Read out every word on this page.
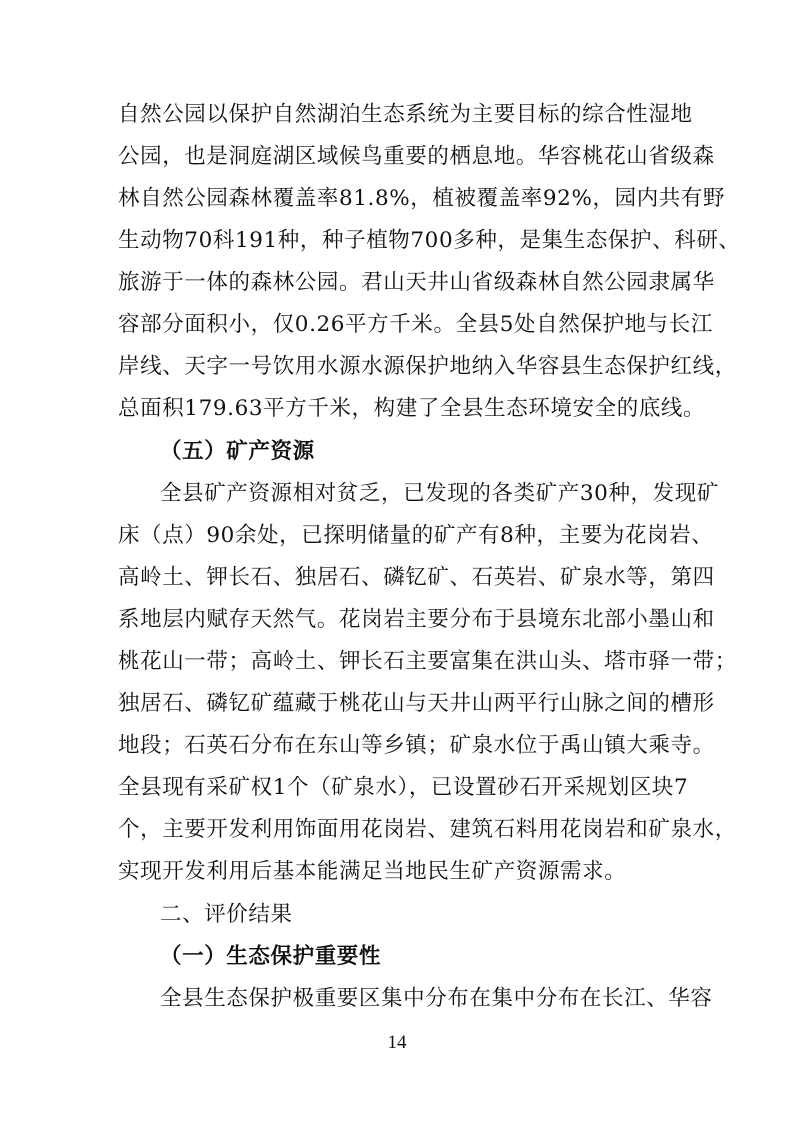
自然公园以保护自然湖泊生态系统为主要目标的综合性湿地
公园，也是洞庭湖区域候鸟重要的栖息地。华容桃花山省级森
林自然公园森林覆盖率81.8%，植被覆盖率92%，园内共有野
生动物70科191种，种子植物700多种，是集生态保护、科研、
旅游于一体的森林公园。君山天井山省级森林自然公园隶属华
容部分面积小，仅0.26平方千米。全县5处自然保护地与长江
岸线、天字一号饮用水源水源保护地纳入华容县生态保护红线，
总面积179.63平方千米，构建了全县生态环境安全的底线。
（五）矿产资源
全县矿产资源相对贫乏，已发现的各类矿产30种，发现矿
床（点）90余处，已探明储量的矿产有8种，主要为花岗岩、
高岭土、钾长石、独居石、磷钇矿、石英岩、矿泉水等，第四
系地层内赋存天然气。花岗岩主要分布于县境东北部小墨山和
桃花山一带；高岭土、钾长石主要富集在洪山头、塔市驿一带；
独居石、磷钇矿蕴藏于桃花山与天井山两平行山脉之间的槽形
地段；石英石分布在东山等乡镇；矿泉水位于禹山镇大乘寺。
全县现有采矿权1个（矿泉水），已设置砂石开采规划区块7
个，主要开发利用饰面用花岗岩、建筑石料用花岗岩和矿泉水，
实现开发利用后基本能满足当地民生矿产资源需求。
二、评价结果
（一）生态保护重要性
全县生态保护极重要区集中分布在集中分布在长江、华容
14
